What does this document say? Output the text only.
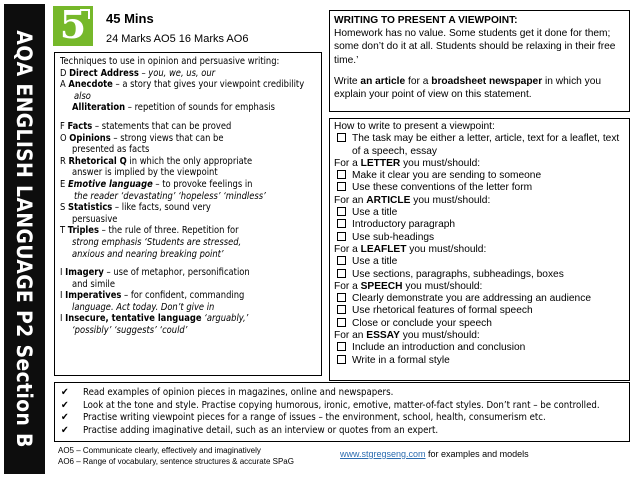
AQA ENGLISH LANGUAGE P2 Section B
5	45 Mins
24 Marks AO5 16 Marks AO6

Techniques to use in opinion and persuasive writing:

D Direct Address – you, we, us, our

A Anecdote – a story that gives your viewpoint credibility

also

Alliteration – repetition of sounds for emphasis

F Facts – statements that can be proved

O Opinions – strong views that can be

presented as facts

R Rhetorical Q in which the only appropriate

answer is implied by the viewpoint

E Emotive language – to provoke feelings in

the reader ‘devastating’ ‘hopeless’ ‘mindless’

S Statistics – like facts, sound very

persuasive

T Triples – the rule of three. Repetition for

strong emphasis ‘Students are stressed,

anxious and nearing breaking point’

I Imagery – use of metaphor, personification

and simile

I Imperatives – for confident, commanding

language. Act today. Don’t give in

I Insecure, tentative language ‘arguably,’

‘possibly’ ‘suggests’ ‘could’

WRITING TO PRESENT A VIEWPOINT:

Homework has no value. Some students get it done for them; some don’t do it at all. Students should be relaxing in their free time.’

Write an article for a broadsheet newspaper in which you explain your point of view on this statement.

How to write to present a viewpoint:

The task may be either a letter, article, text for a leaflet, text of a speech, essay

For a LETTER you must/should:

Make it clear you are sending to someone

Use these conventions of the letter form

For an ARTICLE you must/should:

Use a title

Introductory paragraph

Use sub-headings

For a LEAFLET you must/should:

Use a title

Use sections, paragraphs, subheadings, boxes

For a SPEECH you must/should:

Clearly demonstrate you are addressing an audience

Use rhetorical features of formal speech

Close or conclude your speech

For an ESSAY you must/should:

Include an introduction and conclusion

Write in a formal style

✔︎ Read examples of opinion pieces in magazines, online and newspapers.

✔︎ Look at the tone and style. Practise copying humorous, ironic, emotive, matter-of-fact styles. Don’t rant – be controlled.

✔︎ Practise writing viewpoint pieces for a range of issues – the environment, school, health, consumerism etc.

✔︎ Practise adding imaginative detail, such as an interview or quotes from an expert.

AO5 – Communicate clearly, effectively and imaginatively

AO6 – Range of vocabulary, sentence structures & accurate SPaG

www.stgregseng.com for examples and models
